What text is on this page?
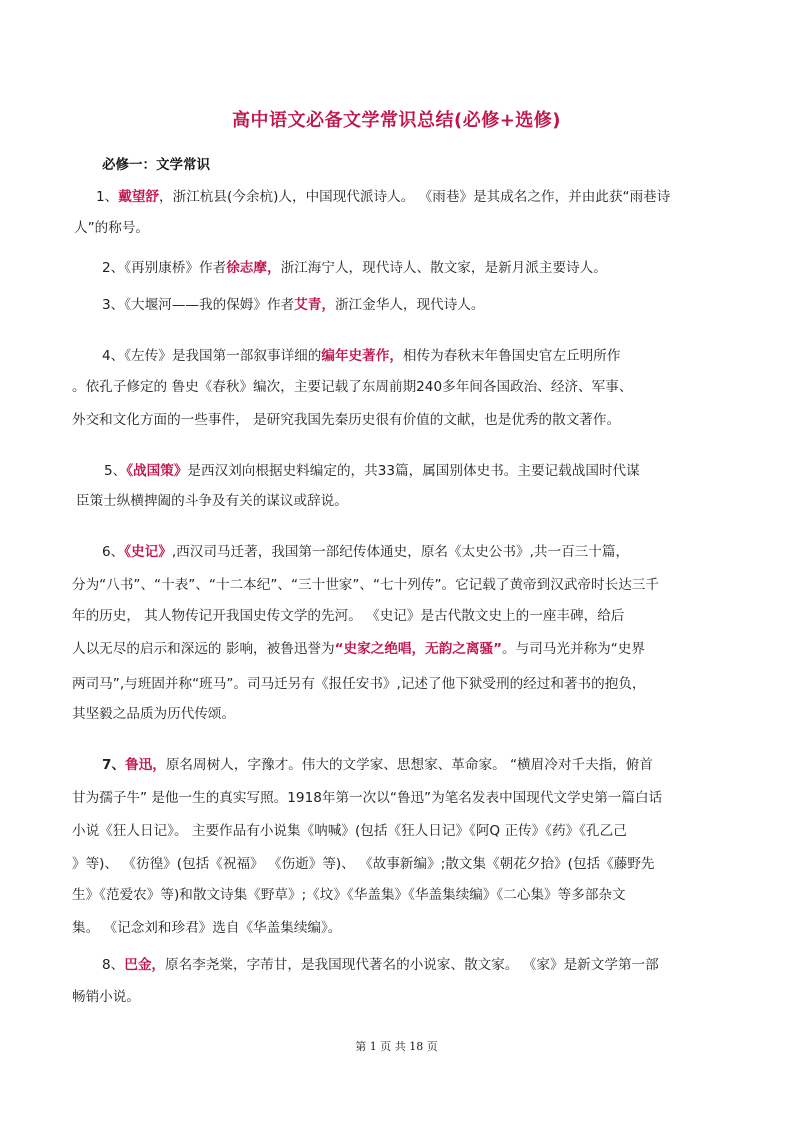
高中语文必备文学常识总结(必修+选修)
必修一：文学常识
1、戴望舒，浙江杭县(今余杭)人，中国现代派诗人。 《雨巷》是其成名之作，并由此获“雨巷诗
人”的称号。
2、《再别康桥》作者徐志摩，浙江海宁人，现代诗人、散文家，是新月派主要诗人。
3、《大堰河——我的保姆》作者艾青，浙江金华人，现代诗人。
4、《左传》是我国第一部叙事详细的编年史著作，相传为春秋末年鲁国史官左丘明所作
。依孔子修定的 鲁史《春秋》编次，主要记载了东周前期240多年间各国政治、经济、军事、
外交和文化方面的一些事件， 是研究我国先秦历史很有价值的文献，也是优秀的散文著作。
5、《战国策》是西汉刘向根据史料编定的，共33篇，属国别体史书。主要记载战国时代谋
臣策士纵横捭阖的斗争及有关的谋议或辞说。
6、《史记》,西汉司马迁著，我国第一部纪传体通史，原名《太史公书》,共一百三十篇，
分为“八书”、“十表”、“十二本纪”、“三十世家”、“七十列传”。它记载了黄帝到汉武帝时长达三千
年的历史， 其人物传记开我国史传文学的先河。 《史记》是古代散文史上的一座丰碑，给后
人以无尽的启示和深远的 影响，被鲁迅誉为“史家之绝唱，无韵之离骚”。与司马光并称为“史界
两司马”,与班固并称“班马”。司马迁另有《报任安书》,记述了他下狱受刑的经过和著书的抱负，
其坚毅之品质为历代传颂。
7、鲁迅，原名周树人，字豫才。伟大的文学家、思想家、革命家。 “横眉冷对千夫指，俯首
甘为孺子牛” 是他一生的真实写照。1918年第一次以“鲁迅”为笔名发表中国现代文学史第一篇白话
小说《狂人日记》。 主要作品有小说集《呐喊》(包括《狂人日记》《阿Q 正传》《药》《孔乙己
》等)、 《彷徨》(包括《祝福》 《伤逝》等)、 《故事新编》;散文集《朝花夕拾》(包括《藤野先
生》《范爱农》等)和散文诗集《野草》;《坟》《华盖集》《华盖集续编》《二心集》等多部杂文
集。 《记念刘和珍君》选自《华盖集续编》。
8、巴金，原名李尧棠，字芾甘，是我国现代著名的小说家、散文家。 《家》是新文学第一部
畅销小说。
第 1 页 共 18 页
